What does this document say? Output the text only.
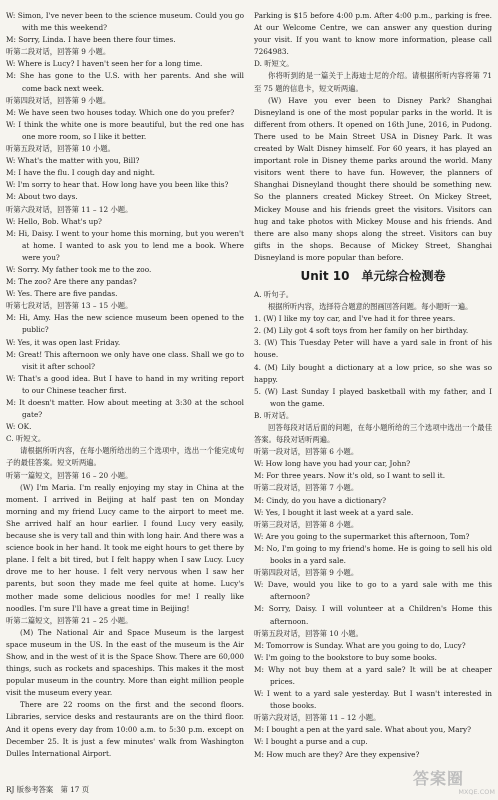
W: Simon, I've never been to the science museum. Could you go with me this weekend?

M: Sorry, Linda. I have been there four times.

听第二段对话，回答第 9 小题。

W: Where is Lucy? I haven't seen her for a long time.

M: She has gone to the U.S. with her parents. And she will come back next week.

听第四段对话，回答第 9 小题。

M: We have seen two houses today. Which one do you prefer?

W: I think the white one is more beautiful, but the red one has one more room, so I like it better.

听第五段对话，回答第 10 小题。

W: What's the matter with you, Bill?

M: I have the flu. I cough day and night.

W: I'm sorry to hear that. How long have you been like this?

M: About two days.

听第六段对话，回答第 11 – 12 小题。

W: Hello, Bob. What's up?

M: Hi, Daisy. I went to your home this morning, but you weren't at home. I wanted to ask you to lend me a book. Where were you?

W: Sorry. My father took me to the zoo.

M: The zoo? Are there any pandas?

W: Yes. There are five pandas.

听第七段对话，回答第 13 – 15 小题。

M: Hi, Amy. Has the new science museum been opened to the public?

W: Yes, it was open last Friday.

M: Great! This afternoon we only have one class. Shall we go to visit it after school?

W: That's a good idea. But I have to hand in my writing report to our Chinese teacher first.

M: It doesn't matter. How about meeting at 3:30 at the school gate?

W: OK.

C. 听短文。

请根据所听内容，在每小题所给出的三个选项中，选出一个能完成句子的最佳答案。短文听两遍。

听第一篇短文，回答第 16 – 20 小题。

(W) I'm Maria. I'm really enjoying my stay in China at the moment. I arrived in Beijing at half past ten on Monday morning and my friend Lucy came to the airport to meet me. She arrived half an hour earlier. I found Lucy very easily, because she is very tall and thin with long hair. And there was a science book in her hand. It took me eight hours to get there by plane. I felt a bit tired, but I felt happy when I saw Lucy. Lucy drove me to her house. I felt very nervous when I saw her parents, but soon they made me feel quite at home. Lucy's mother made some delicious noodles for me! I really like noodles. I'm sure I'll have a great time in Beijing!

听第二篇短文，回答第 21 – 25 小题。

(M) The National Air and Space Museum is the largest space museum in the US. In the east of the museum is the Air Show, and in the west of it is the Space Show. There are 60,000 things, such as rockets and spaceships. This makes it the most popular museum in the country. More than eight million people visit the museum every year.

There are 22 rooms on the first and the second floors. Libraries, service desks and restaurants are on the third floor. And it opens every day from 10:00 a.m. to 5:30 p.m. except on December 25. It is just a few minutes' walk from Washington Dulles International Airport.

Parking is $15 before 4:00 p.m. After 4:00 p.m., parking is free. At our Welcome Centre, we can answer any question during your visit. If you want to know more information, please call 7264983.

D. 听短文。

你将听到的是一篇关于上海迪士尼的介绍。请根据所听内容将第 71 至 75 题的信息卡，短文听两遍。

(W) Have you ever been to Disney Park? Shanghai Disneyland is one of the most popular parks in the world. It is different from others. It opened on 16th June, 2016, in Pudong. There used to be Main Street USA in Disney Park. It was created by Walt Disney himself. For 60 years, it has played an important role in Disney theme parks around the world. Many visitors went there to have fun. However, the planners of Shanghai Disneyland thought there should be something new. So the planners created Mickey Street. On Mickey Street, Mickey Mouse and his friends greet the visitors. Visitors can hug and take photos with Mickey Mouse and his friends. And there are also many shops along the street. Visitors can buy gifts in the shops. Because of Mickey Street, Shanghai Disneyland is more popular than before.

Unit 10　单元综合检测卷

A. 听句子。

根据所听内容，选择符合题意的图画回答问题。每小题听一遍。

1. (W) I like my toy car, and I've had it for three years.

2. (M) Lily got 4 soft toys from her family on her birthday.

3. (W) This Tuesday Peter will have a yard sale in front of his house.

4. (M) Lily bought a dictionary at a low price, so she was so happy.

5. (W) Last Sunday I played basketball with my father, and I won the game.

B. 听对话。

回答每段对话后面的问题，在每小题所给的三个选项中选出一个最佳答案。每段对话听两遍。

听第一段对话，回答第 6 小题。

W: How long have you had your car, John?

M: For three years. Now it's old, so I want to sell it.

听第二段对话，回答第 7 小题。

M: Cindy, do you have a dictionary?

W: Yes, I bought it last week at a yard sale.

听第三段对话，回答第 8 小题。

W: Are you going to the supermarket this afternoon, Tom?

M: No, I'm going to my friend's home. He is going to sell his old books in a yard sale.

听第四段对话，回答第 9 小题。

W: Dave, would you like to go to a yard sale with me this afternoon?

M: Sorry, Daisy. I will volunteer at a Children's Home this afternoon.

听第五段对话，回答第 10 小题。

M: Tomorrow is Sunday. What are you going to do, Lucy?

W: I'm going to the bookstore to buy some books.

M: Why not buy them at a yard sale? It will be at cheaper prices.

W: I went to a yard sale yesterday. But I wasn't interested in those books.

听第六段对话，回答第 11 – 12 小题。

M: I bought a pen at the yard sale. What about you, Mary?

W: I bought a purse and a cup.

M: How much are they? Are they expensive?

RJ 版参考答案　第 17 页
答案圈
MXQE.COM
